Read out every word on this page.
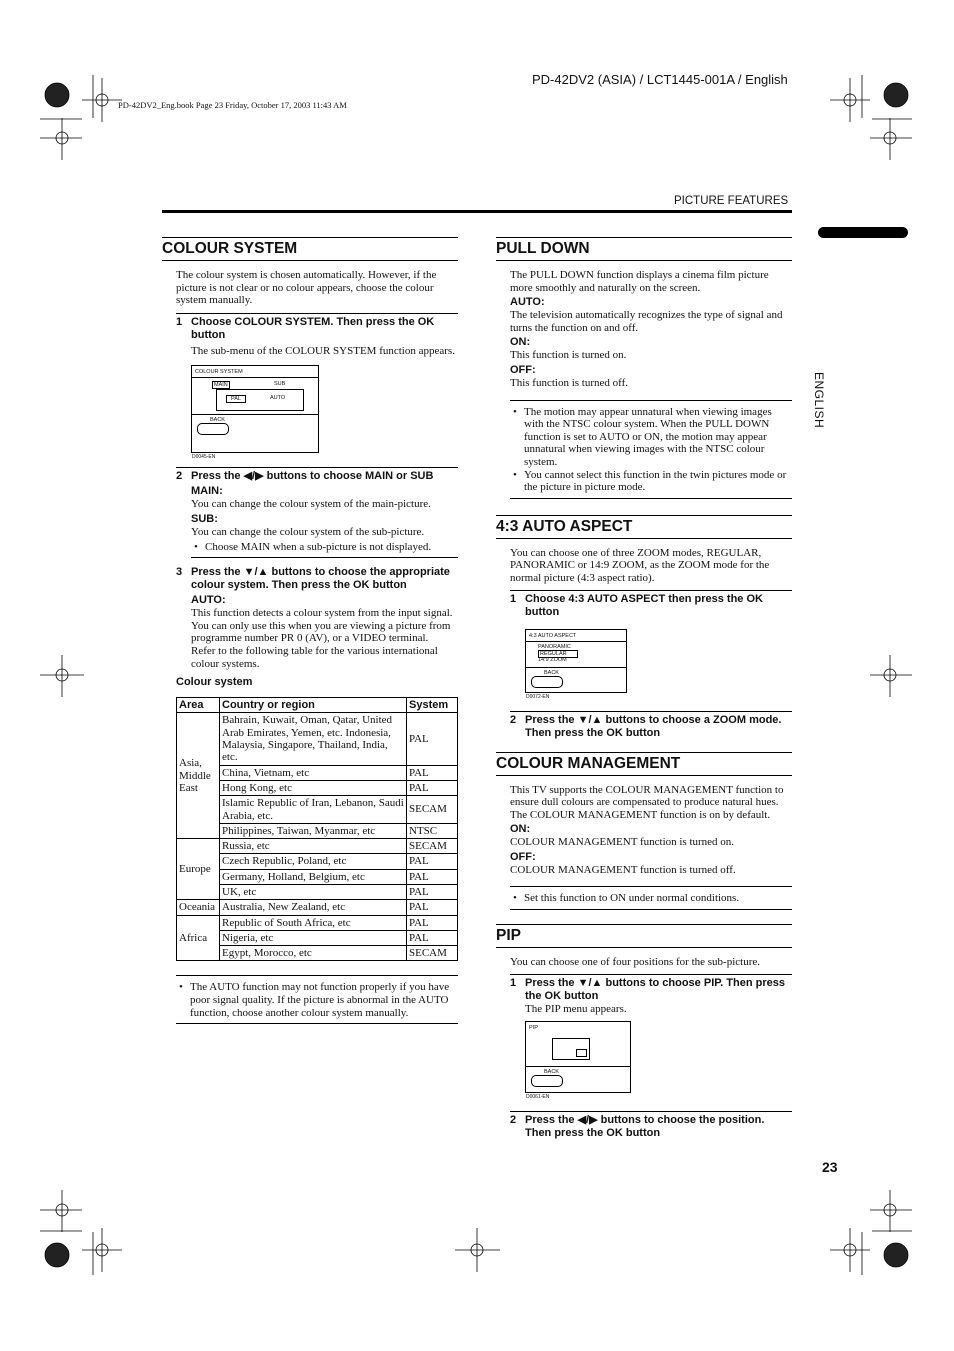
PD-42DV2 (ASIA) / LCT1445-001A / English
PD-42DV2_Eng.book Page 23 Friday, October 17, 2003 11:43 AM
PICTURE FEATURES
ENGLISH
23
COLOUR SYSTEM

The colour system is chosen automatically. However, if the picture is not clear or no colour appears, choose the colour system manually.

1 Choose COLOUR SYSTEM. Then press the OK button

The sub-menu of the COLOUR SYSTEM function appears.

COLOUR SYSTEM
MAIN	SUB
PAL	AUTO
BACK
D0045-EN

2 Press the ◀/▶ buttons to choose MAIN or SUB

MAIN:

You can change the colour system of the main-picture.

SUB:

You can change the colour system of the sub-picture.

• Choose MAIN when a sub-picture is not displayed.

3 Press the ▼/▲ buttons to choose the appropriate colour system. Then press the OK button

AUTO:

This function detects a colour system from the input signal. You can only use this when you are viewing a picture from programme number PR 0 (AV), or a VIDEO terminal.

Refer to the following table for the various international colour systems.

Colour system

Area	Country or region	System
Asia, Middle East	Bahrain, Kuwait, Oman, Qatar, United Arab Emirates, Yemen, etc. Indonesia, Malaysia, Singapore, Thailand, India, etc.	PAL
	China, Vietnam, etc	PAL
	Hong Kong, etc	PAL
	Islamic Republic of Iran, Lebanon, Saudi Arabia, etc.	SECAM
	Philippines, Taiwan, Myanmar, etc	NTSC
Europe	Russia, etc	SECAM
	Czech Republic, Poland, etc	PAL
	Germany, Holland, Belgium, etc	PAL
	UK, etc	PAL
Oceania	Australia, New Zealand, etc	PAL
Africa	Republic of South Africa, etc	PAL
	Nigeria, etc	PAL
	Egypt, Morocco, etc	SECAM

• The AUTO function may not function properly if you have poor signal quality. If the picture is abnormal in the AUTO function, choose another colour system manually.

PULL DOWN

The PULL DOWN function displays a cinema film picture more smoothly and naturally on the screen.

AUTO:

The television automatically recognizes the type of signal and turns the function on and off.

ON:

This function is turned on.

OFF:

This function is turned off.

• The motion may appear unnatural when viewing images with the NTSC colour system. When the PULL DOWN function is set to AUTO or ON, the motion may appear unnatural when viewing images with the NTSC colour system.

• You cannot select this function in the twin pictures mode or the picture in picture mode.

4:3 AUTO ASPECT

You can choose one of three ZOOM modes, REGULAR, PANORAMIC or 14:9 ZOOM, as the ZOOM mode for the normal picture (4:3 aspect ratio).

1 Choose 4:3 AUTO ASPECT then press the OK button

4:3 AUTO ASPECT
PANORAMIC
REGULAR
14:9 ZOOM
BACK
D0072-EN

2 Press the ▼/▲ buttons to choose a ZOOM mode. Then press the OK button

COLOUR MANAGEMENT

This TV supports the COLOUR MANAGEMENT function to ensure dull colours are compensated to produce natural hues.

The COLOUR MANAGEMENT function is on by default.

ON:

COLOUR MANAGEMENT function is turned on.

OFF:

COLOUR MANAGEMENT function is turned off.

• Set this function to ON under normal conditions.

PIP

You can choose one of four positions for the sub-picture.

1 Press the ▼/▲ buttons to choose PIP. Then press the OK button

The PIP menu appears.

PIP
BACK
D0061-EN

2 Press the ◀/▶ buttons to choose the position. Then press the OK button
